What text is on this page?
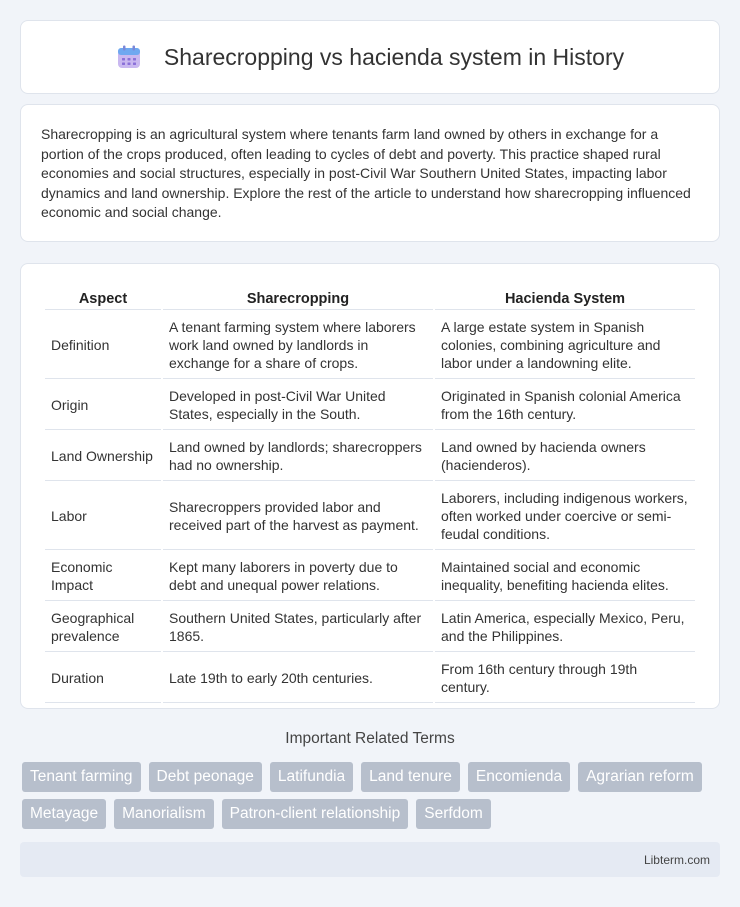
Sharecropping vs hacienda system in History

Sharecropping is an agricultural system where tenants farm land owned by others in exchange for a portion of the crops produced, often leading to cycles of debt and poverty. This practice shaped rural economies and social structures, especially in post-Civil War Southern United States, impacting labor dynamics and land ownership. Explore the rest of the article to understand how sharecropping influenced economic and social change.

Aspect	Sharecropping	Hacienda System
Definition	A tenant farming system where laborers work land owned by landlords in exchange for a share of crops.	A large estate system in Spanish colonies, combining agriculture and labor under a landowning elite.
Origin	Developed in post-Civil War United States, especially in the South.	Originated in Spanish colonial America from the 16th century.
Land Ownership	Land owned by landlords; sharecroppers had no ownership.	Land owned by hacienda owners (hacienderos).
Labor	Sharecroppers provided labor and received part of the harvest as payment.	Laborers, including indigenous workers, often worked under coercive or semi-feudal conditions.
Economic Impact	Kept many laborers in poverty due to debt and unequal power relations.	Maintained social and economic inequality, benefiting hacienda elites.
Geographical prevalence	Southern United States, particularly after 1865.	Latin America, especially Mexico, Peru, and the Philippines.
Duration	Late 19th to early 20th centuries.	From 16th century through 19th century.
Important Related Terms
Tenant farming	Debt peonage	Latifundia	Land tenure	Encomienda	Agrarian reform
Metayage	Manorialism	Patron-client relationship	Serfdom
Libterm.com
